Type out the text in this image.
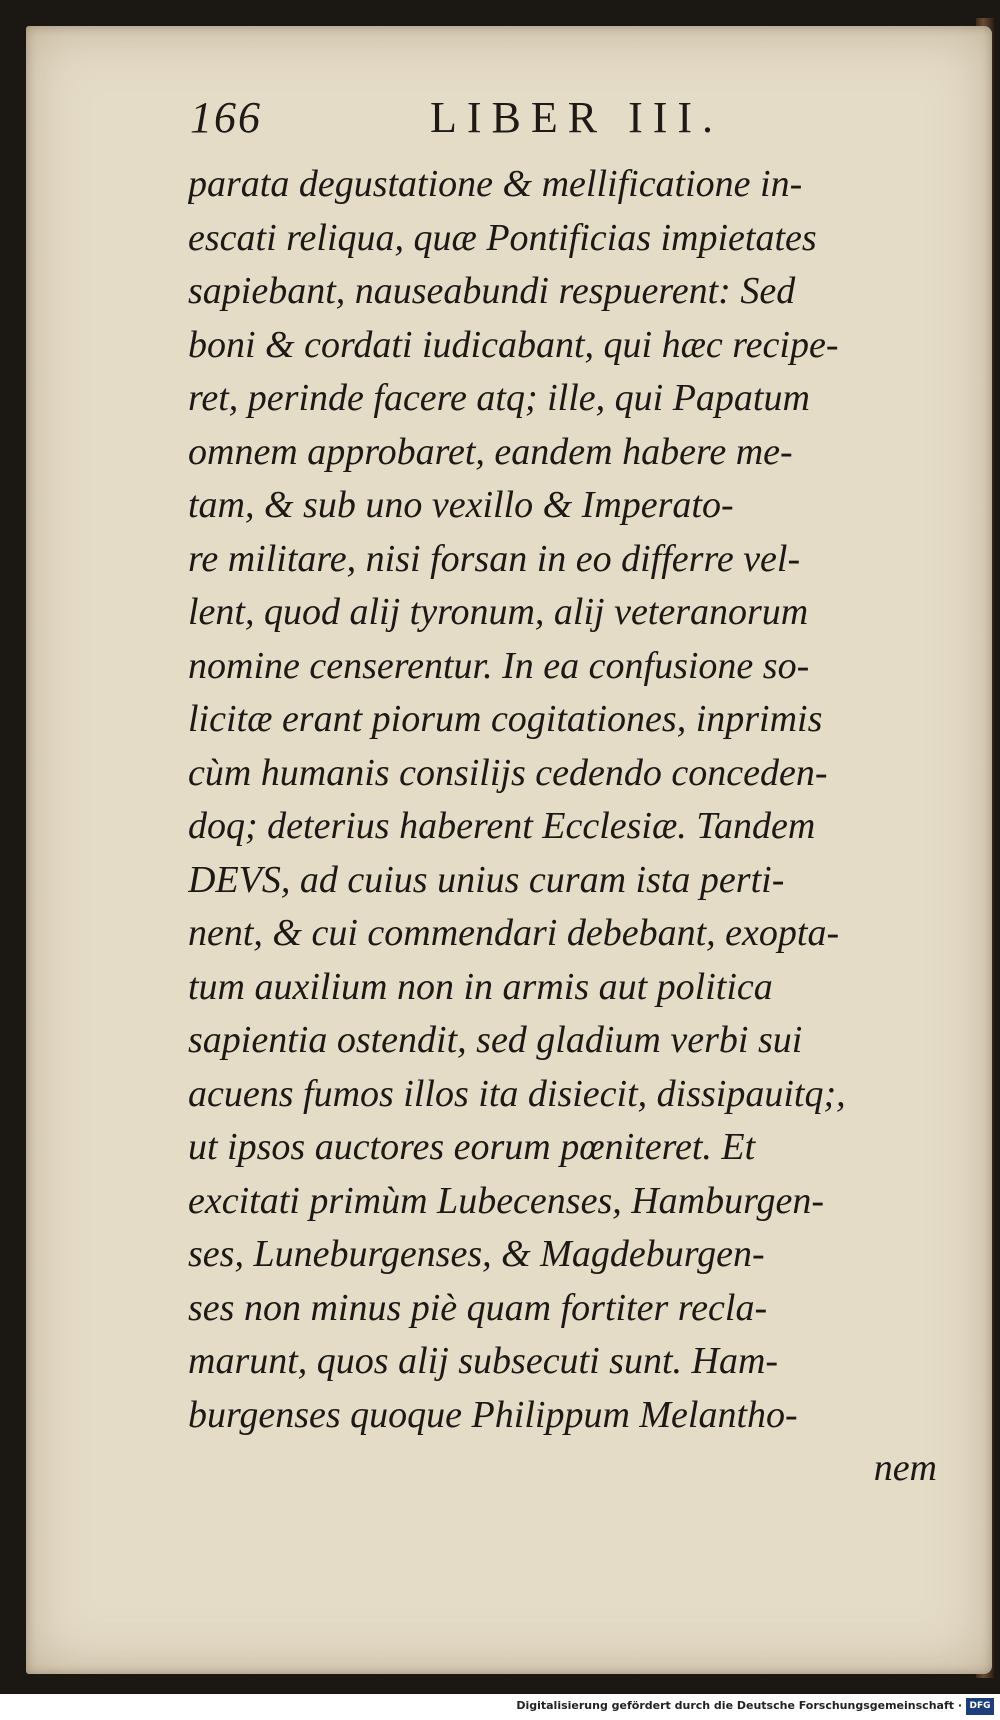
166	LIBER III.
parata degustatione & mellificatione in-
escati reliqua, quæ Pontificias impietates
sapiebant, nauseabundi respuerent: Sed
boni & cordati iudicabant, qui hæc recipe-
ret, perinde facere atq; ille, qui Papatum
omnem approbaret, eandem habere me-
tam, & sub uno vexillo & Imperato-
re militare, nisi forsan in eo differre vel-
lent, quod alij tyronum, alij veteranorum
nomine censerentur. In ea confusione so-
licitæ erant piorum cogitationes, inprimis
cùm humanis consilijs cedendo conceden-
doq; deterius haberent Ecclesiæ. Tandem
DEVS, ad cuius unius curam ista perti-
nent, & cui commendari debebant, exopta-
tum auxilium non in armis aut politica
sapientia ostendit, sed gladium verbi sui
acuens fumos illos ita disiecit, dissipauitq;,
ut ipsos auctores eorum pœniteret. Et
excitati primùm Lubecenses, Hamburgen-
ses, Luneburgenses, & Magdeburgen-
ses non minus piè quam fortiter recla-
marunt, quos alij subsecuti sunt. Ham-
burgenses quoque Philippum Melantho-
nem
Digitalisierung gefördert durch die Deutsche Forschungsgemeinschaft · DFG
